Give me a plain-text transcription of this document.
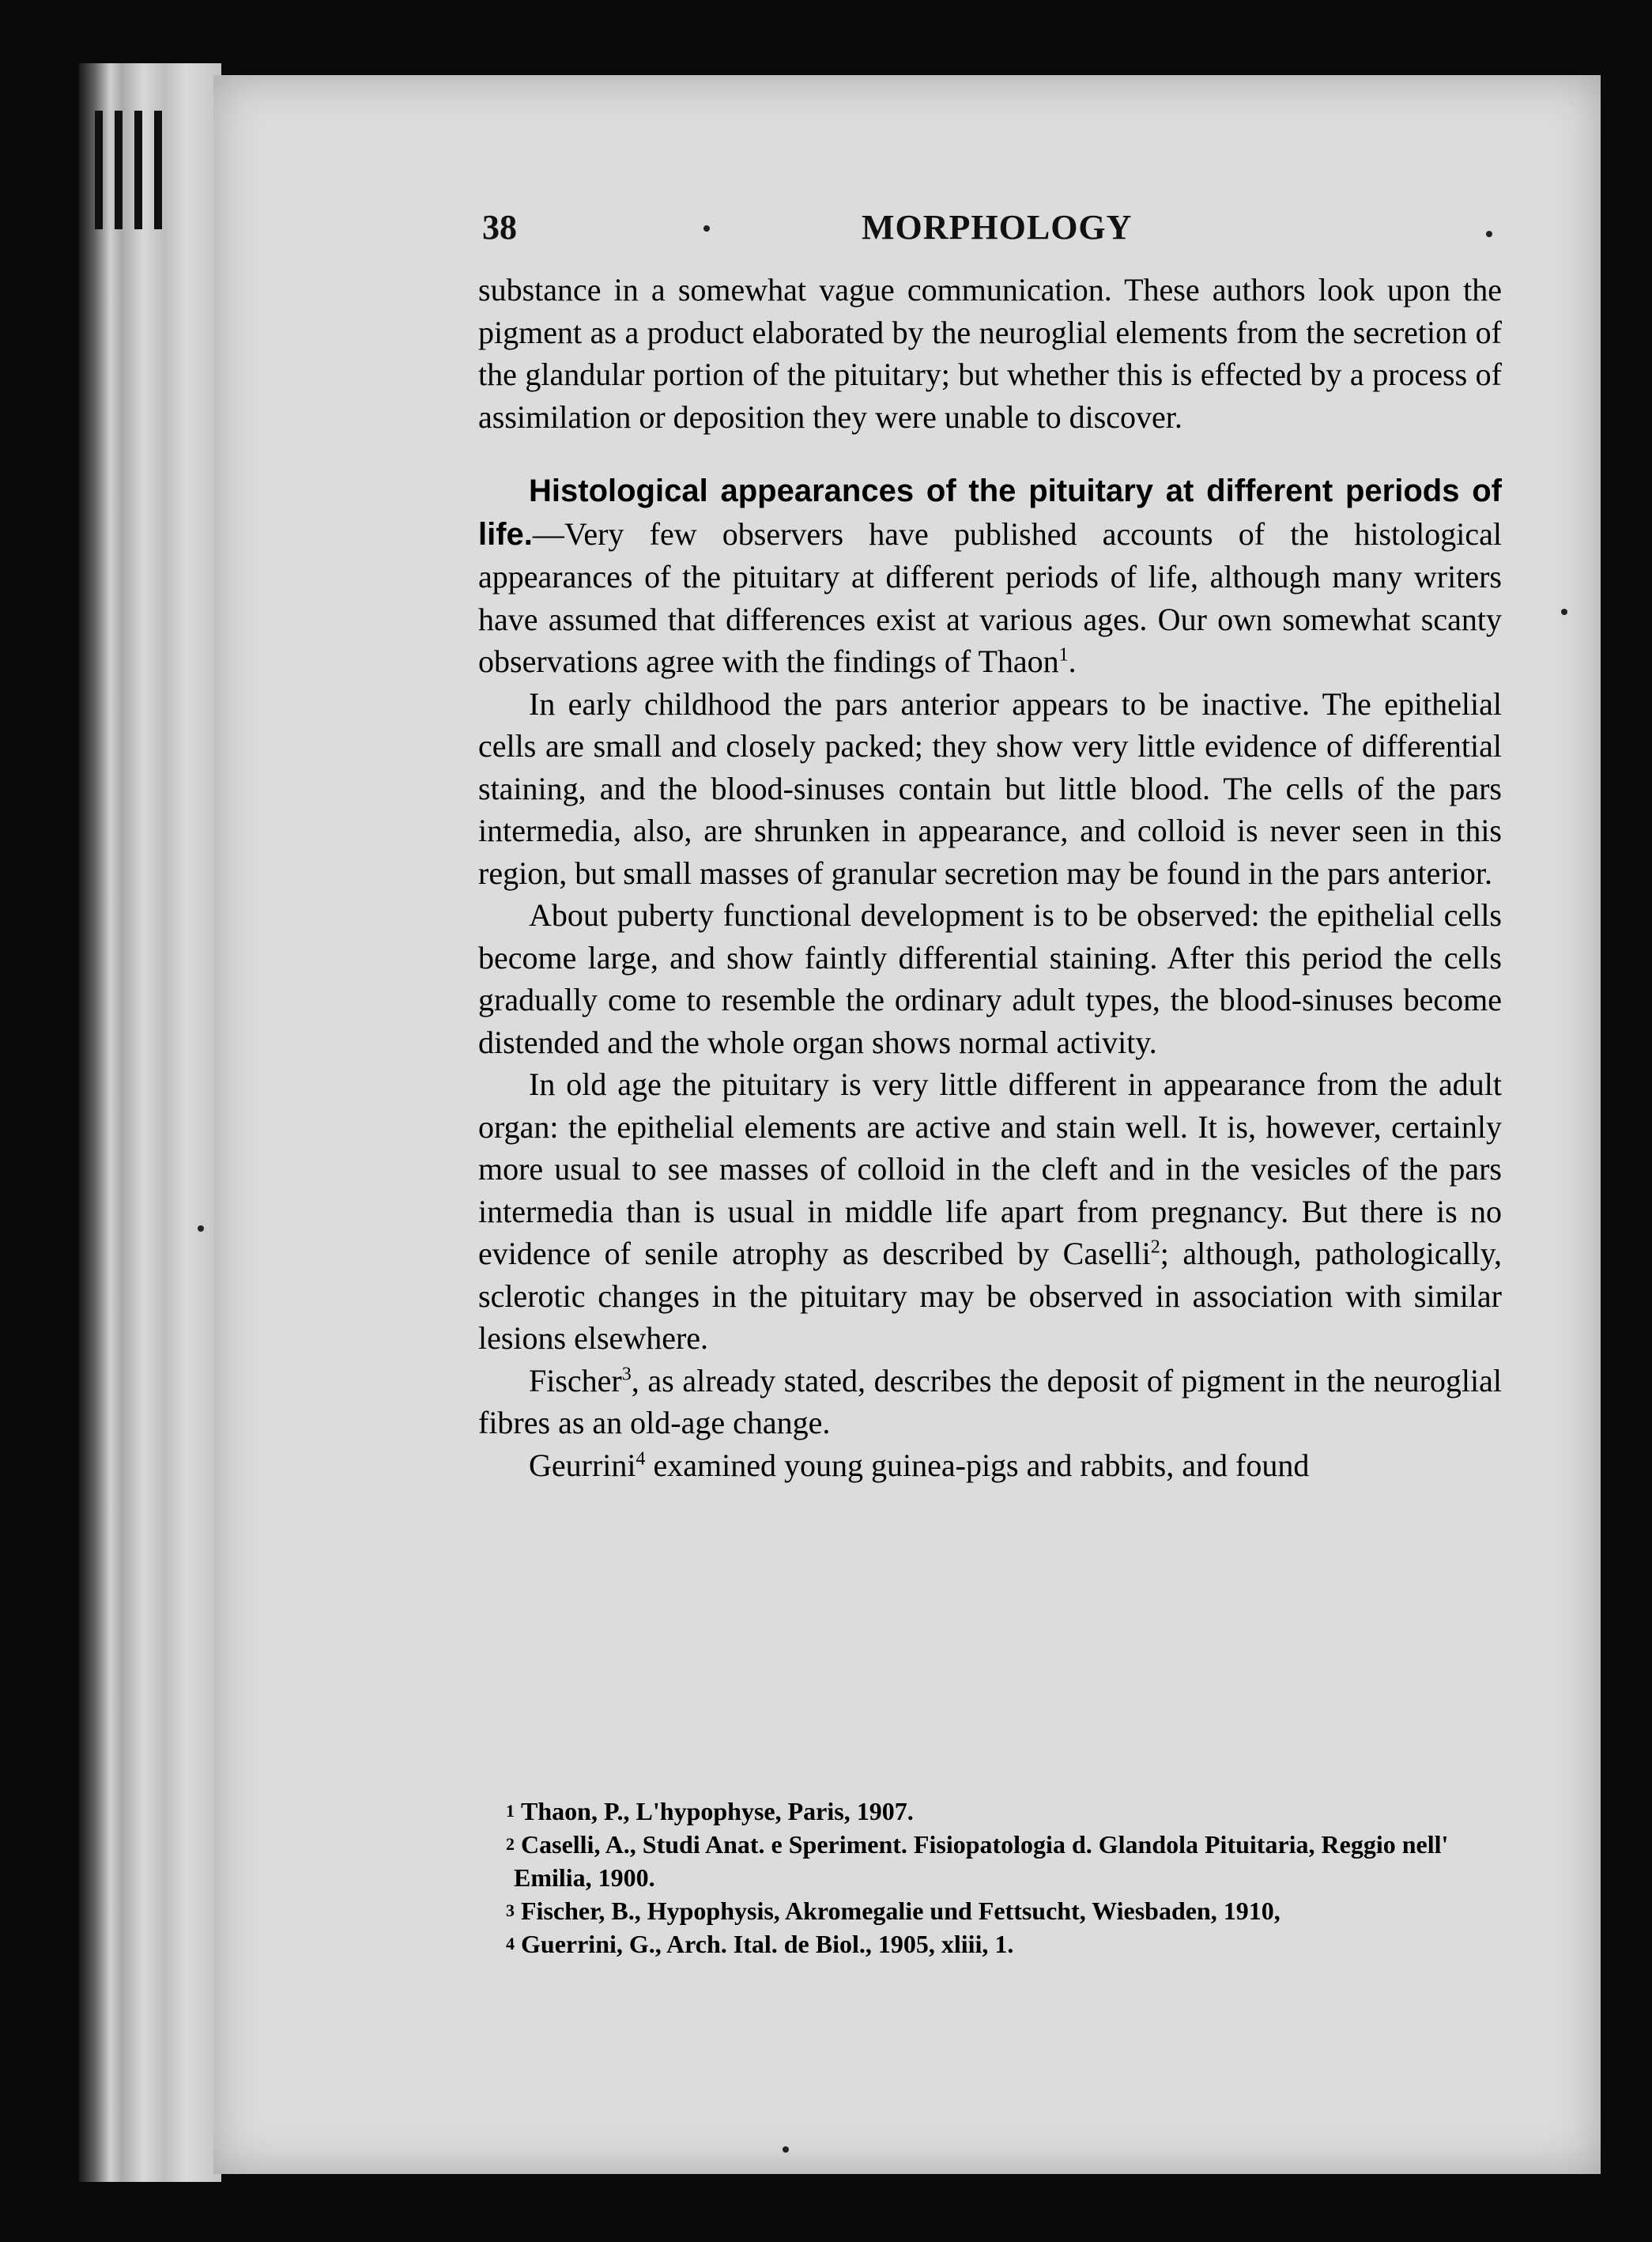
38	MORPHOLOGY

substance in a somewhat vague communication. These authors look upon the pigment as a product elaborated by the neuroglial elements from the secretion of the glandular portion of the pituitary; but whether this is effected by a process of assimilation or deposition they were unable to discover.

Histological appearances of the pituitary at different periods of life.—Very few observers have published accounts of the histological appearances of the pituitary at different periods of life, although many writers have assumed that differences exist at various ages. Our own somewhat scanty observations agree with the findings of Thaon$^1$.

In early childhood the pars anterior appears to be inactive. The epithelial cells are small and closely packed; they show very little evidence of differential staining, and the blood-sinuses contain but little blood. The cells of the pars intermedia, also, are shrunken in appearance, and colloid is never seen in this region, but small masses of granular secretion may be found in the pars anterior.

About puberty functional development is to be observed: the epithelial cells become large, and show faintly differential staining. After this period the cells gradually come to resemble the ordinary adult types, the blood-sinuses become distended and the whole organ shows normal activity.

In old age the pituitary is very little different in appearance from the adult organ: the epithelial elements are active and stain well. It is, however, certainly more usual to see masses of colloid in the cleft and in the vesicles of the pars intermedia than is usual in middle life apart from pregnancy. But there is no evidence of senile atrophy as described by Caselli$^2$; although, pathologically, sclerotic changes in the pituitary may be observed in association with similar lesions elsewhere.

Fischer$^3$, as already stated, describes the deposit of pigment in the neuroglial fibres as an old-age change.

Geurrini$^4$ examined young guinea-pigs and rabbits, and found

$^1$ Thaon, P., L'hypophyse, Paris, 1907.

$^2$ Caselli, A., Studi Anat. e Speriment. Fisiopatologia d. Glandola Pituitaria, Reggio nell' Emilia, 1900.

$^3$ Fischer, B., Hypophysis, Akromegalie und Fettsucht, Wiesbaden, 1910,

$^4$ Guerrini, G., Arch. Ital. de Biol., 1905, xliii, 1.
